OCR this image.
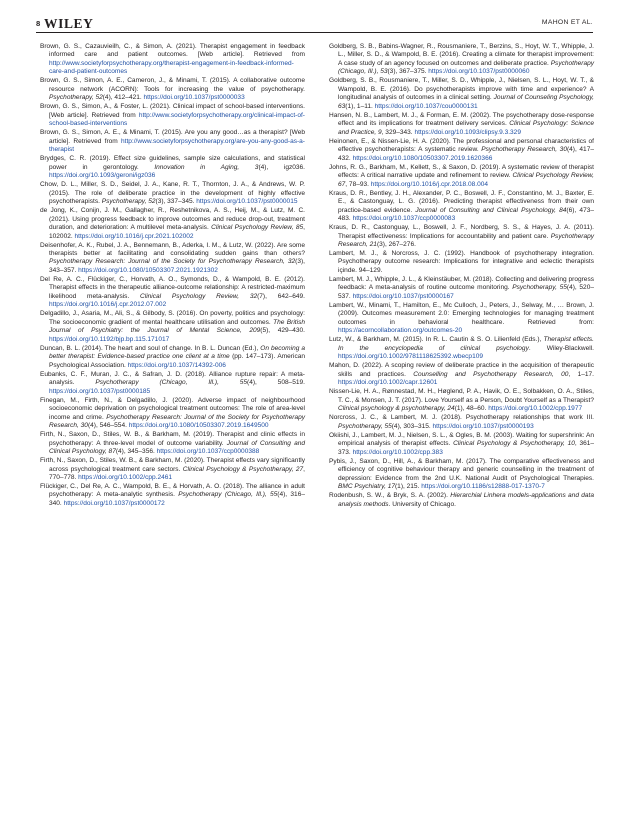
8 WILEY	MAHON ET AL.

Brown, G. S., Cazauvieilh, C., & Simon, A. (2021). Therapist engagement in feedback informed care and patient outcomes. [Web article]. Retrieved from http://www.societyforpsychotherapy.org/therapist-engagement-in-feedback-informed-care-and-patient-outcomes

Brown, G. S., Simon, A. E., Cameron, J., & Minami, T. (2015). A collaborative outcome resource network (ACORN): Tools for increasing the value of psychotherapy. Psychotherapy, 52(4), 412–421. https://doi.org/10.1037/pst0000033

Brown, G. S., Simon, A., & Foster, L. (2021). Clinical impact of school-based interventions. [Web article]. Retrieved from http://www.societyforpsychotherapy.org/clinical-impact-of-school-based-interventions

Brown, G. S., Simon, A. E., & Minami, T. (2015). Are you any good…as a therapist? [Web article]. Retrieved from http://www.societyforpsychotherapy.org/are-you-any-good-as-a-therapist

Brydges, C. R. (2019). Effect size guidelines, sample size calculations, and statistical power in gerontology. Innovation in Aging, 3(4), igz036. https://doi.org/10.1093/geroni/igz036

Chow, D. L., Miller, S. D., Seidel, J. A., Kane, R. T., Thornton, J. A., & Andrews, W. P. (2015). The role of deliberate practice in the development of highly effective psychotherapists. Psychotherapy, 52(3), 337–345. https://doi.org/10.1037/pst0000015

de Jong, K., Conijn, J. M., Gallagher, R., Reshetnikova, A. S., Heij, M., & Lutz, M. C. (2021). Using progress feedback to improve outcomes and reduce drop-out, treatment duration, and deterioration: A multilevel meta-analysis. Clinical Psychology Review, 85, 102002. https://doi.org/10.1016/j.cpr.2021.102002

Deisenhofer, A. K., Rubel, J. A., Bennemann, B., Aderka, I. M., & Lutz, W. (2022). Are some therapists better at facilitating and consolidating sudden gains than others? Psychotherapy Research: Journal of the Society for Psychotherapy Research, 32(3), 343–357. https://doi.org/10.1080/10503307.2021.1921302

Del Re, A. C., Flückiger, C., Horvath, A. O., Symonds, D., & Wampold, B. E. (2012). Therapist effects in the therapeutic alliance-outcome relationship: A restricted-maximum likelihood meta-analysis. Clinical Psychology Review, 32(7), 642–649. https://doi.org/10.1016/j.cpr.2012.07.002

Delgadillo, J., Asaria, M., Ali, S., & Gilbody, S. (2016). On poverty, politics and psychology: The socioeconomic gradient of mental healthcare utilisation and outcomes. The British Journal of Psychiatry: the Journal of Mental Science, 209(5), 429–430. https://doi.org/10.1192/bjp.bp.115.171017

Duncan, B. L. (2014). The heart and soul of change. In B. L. Duncan (Ed.), On becoming a better therapist: Evidence-based practice one client at a time (pp. 147–173). American Psychological Association. https://doi.org/10.1037/14392-006

Eubanks, C. F., Muran, J. C., & Safran, J. D. (2018). Alliance rupture repair: A meta-analysis. Psychotherapy (Chicago, Ill.), 55(4), 508–519. https://doi.org/10.1037/pst0000185

Finegan, M., Firth, N., & Delgadillo, J. (2020). Adverse impact of neighbourhood socioeconomic deprivation on psychological treatment outcomes: The role of area-level income and crime. Psychotherapy Research: Journal of the Society for Psychotherapy Research, 30(4), 546–554. https://doi.org/10.1080/10503307.2019.1649500

Firth, N., Saxon, D., Stiles, W. B., & Barkham, M. (2019). Therapist and clinic effects in psychotherapy: A three-level model of outcome variability. Journal of Consulting and Clinical Psychology, 87(4), 345–356. https://doi.org/10.1037/ccp0000388

Firth, N., Saxon, D., Stiles, W. B., & Barkham, M. (2020). Therapist effects vary significantly across psychological treatment care sectors. Clinical Psychology & Psychotherapy, 27, 770–778. https://doi.org/10.1002/cpp.2461

Flückiger, C., Del Re, A. C., Wampold, B. E., & Horvath, A. O. (2018). The alliance in adult psychotherapy: A meta-analytic synthesis. Psychotherapy (Chicago, Ill.), 55(4), 316–340. https://doi.org/10.1037/pst0000172

Goldberg, S. B., Babins-Wagner, R., Rousmaniere, T., Berzins, S., Hoyt, W. T., Whipple, J. L., Miller, S. D., & Wampold, B. E. (2016). Creating a climate for therapist improvement: A case study of an agency focused on outcomes and deliberate practice. Psychotherapy (Chicago, Ill.), 53(3), 367–375. https://doi.org/10.1037/pst0000060

Goldberg, S. B., Rousmaniere, T., Miller, S. D., Whipple, J., Nielsen, S. L., Hoyt, W. T., & Wampold, B. E. (2016). Do psychotherapists improve with time and experience? A longitudinal analysis of outcomes in a clinical setting. Journal of Counseling Psychology, 63(1), 1–11. https://doi.org/10.1037/cou0000131

Hansen, N. B., Lambert, M. J., & Forman, E. M. (2002). The psychotherapy dose-response effect and its implications for treatment delivery services. Clinical Psychology: Science and Practice, 9, 329–343. https://doi.org/10.1093/clipsy.9.3.329

Heinonen, E., & Nissen-Lie, H. A. (2020). The professional and personal characteristics of effective psychotherapists: A systematic review. Psychotherapy Research, 30(4), 417–432. https://doi.org/10.1080/10503307.2019.1620366

Johns, R. G., Barkham, M., Kellett, S., & Saxon, D. (2019). A systematic review of therapist effects: A critical narrative update and refinement to review. Clinical Psychology Review, 67, 78–93. https://doi.org/10.1016/j.cpr.2018.08.004

Kraus, D. R., Bentley, J. H., Alexander, P. C., Boswell, J. F., Constantino, M. J., Baxter, E. E., & Castonguay, L. G. (2016). Predicting therapist effectiveness from their own practice-based evidence. Journal of Consulting and Clinical Psychology, 84(6), 473–483. https://doi.org/10.1037/ccp0000083

Kraus, D. R., Castonguay, L., Boswell, J. F., Nordberg, S. S., & Hayes, J. A. (2011). Therapist effectiveness: Implications for accountability and patient care. Psychotherapy Research, 21(3), 267–276.

Lambert, M. J., & Norcross, J. C. (1992). Handbook of psychotherapy integration. Psychotherapy outcome research: Implications for integrative and eclectic therapists içinde. 94–129.

Lambert, M. J., Whipple, J. L., & Kleinstäuber, M. (2018). Collecting and delivering progress feedback: A meta-analysis of routine outcome monitoring. Psychotherapy, 55(4), 520–537. https://doi.org/10.1037/pst0000167

Lambert, W., Minami, T., Hamilton, E., Mc Culloch, J., Peters, J., Selway, M., … Brown, J. (2009). Outcomes measurement 2.0: Emerging technologies for managing treatment outcomes in behavioral healthcare. Retrieved from: https://acorncollaboration.org/outcomes-20

Lutz, W., & Barkham, M. (2015). In R. L. Cautin & S. O. Lilienfeld (Eds.), Therapist effects. In the encyclopedia of clinical psychology. Wiley-Blackwell. https://doi.org/10.1002/9781118625392.wbecp109

Mahon, D. (2022). A scoping review of deliberate practice in the acquisition of therapeutic skills and practices. Counselling and Psychotherapy Research, 00, 1–17. https://doi.org/10.1002/capr.12601

Nissen-Lie, H. A., Rønnestad, M. H., Høglend, P. A., Havik, O. E., Solbakken, O. A., Stiles, T. C., & Monsen, J. T. (2017). Love Yourself as a Person, Doubt Yourself as a Therapist? Clinical psychology & psychotherapy, 24(1), 48–60. https://doi.org/10.1002/cpp.1977

Norcross, J. C., & Lambert, M. J. (2018). Psychotherapy relationships that work III. Psychotherapy, 55(4), 303–315. https://doi.org/10.1037/pst0000193

Okiishi, J., Lambert, M. J., Nielsen, S. L., & Ogles, B. M. (2003). Waiting for supershrink: An empirical analysis of therapist effects. Clinical Psychology & Psychotherapy, 10, 361–373. https://doi.org/10.1002/cpp.383

Pybis, J., Saxon, D., Hill, A., & Barkham, M. (2017). The comparative effectiveness and efficiency of cognitive behaviour therapy and generic counselling in the treatment of depression: Evidence from the 2nd U.K. National Audit of Psychological Therapies. BMC Psychiatry, 17(1), 215. https://doi.org/10.1186/s12888-017-1370-7

Rodenbush, S. W., & Bryk, S. A. (2002). Hierarchial Linhera models-applications and data analysis methods. University of Chicago.
